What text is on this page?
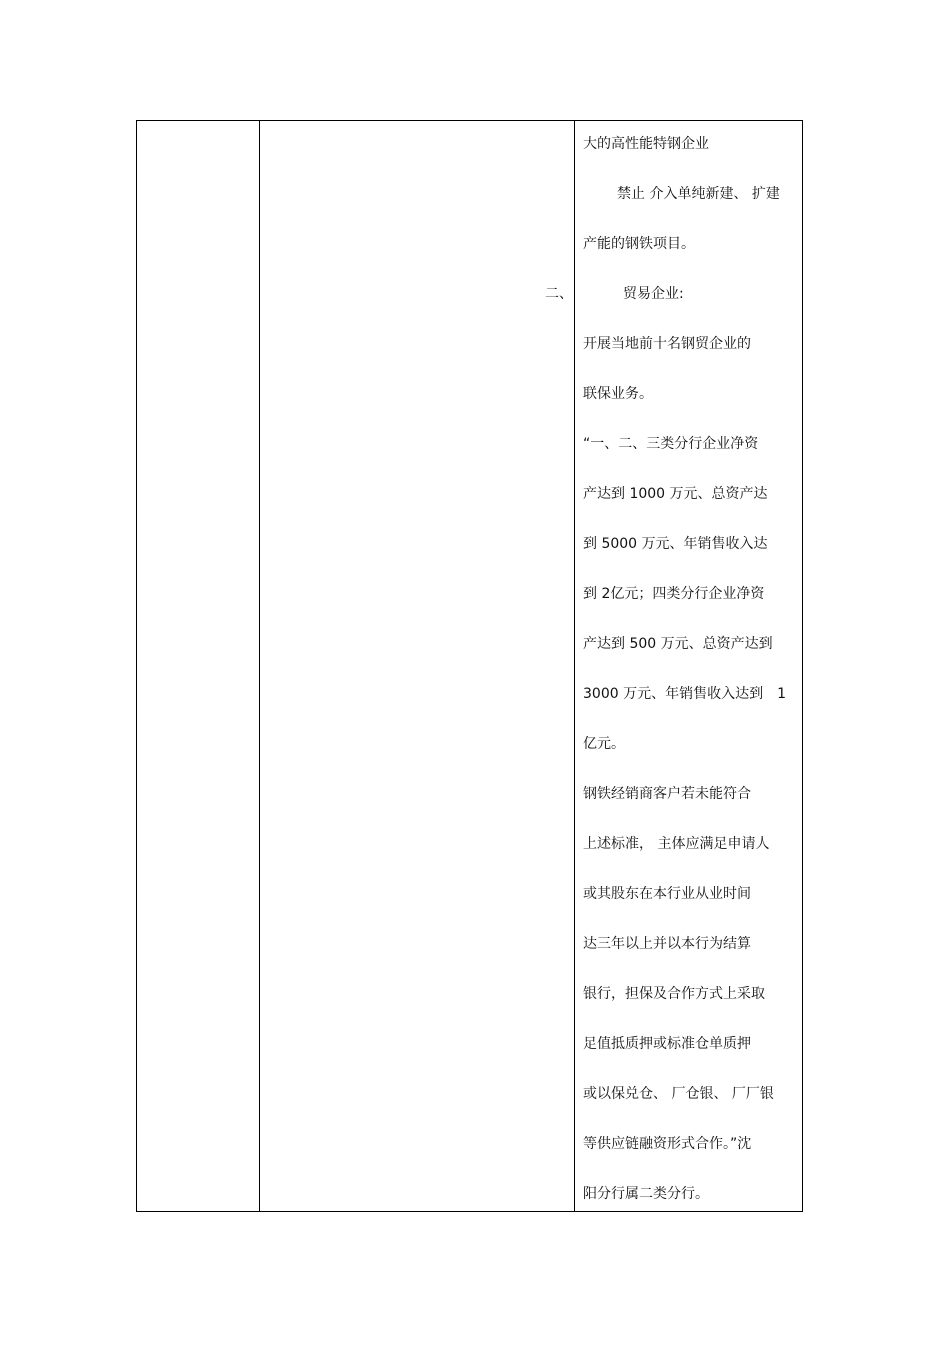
二、
大的高性能特钢企业
禁止 介入单纯新建、 扩建
产能的钢铁项目。
贸易企业:
开展当地前十名钢贸企业的
联保业务。
“一、二、三类分行企业净资
产达到 1000 万元、总资产达
到 5000 万元、年销售收入达
到 2亿元；四类分行企业净资
产达到 500 万元、总资产达到
3000 万元、年销售收入达到　1
亿元。
钢铁经销商客户若未能符合
上述标准， 主体应满足申请人
或其股东在本行业从业时间
达三年以上并以本行为结算
银行，担保及合作方式上采取
足值抵质押或标准仓单质押
或以保兑仓、 厂仓银、 厂厂银
等供应链融资形式合作。”沈
阳分行属二类分行。
